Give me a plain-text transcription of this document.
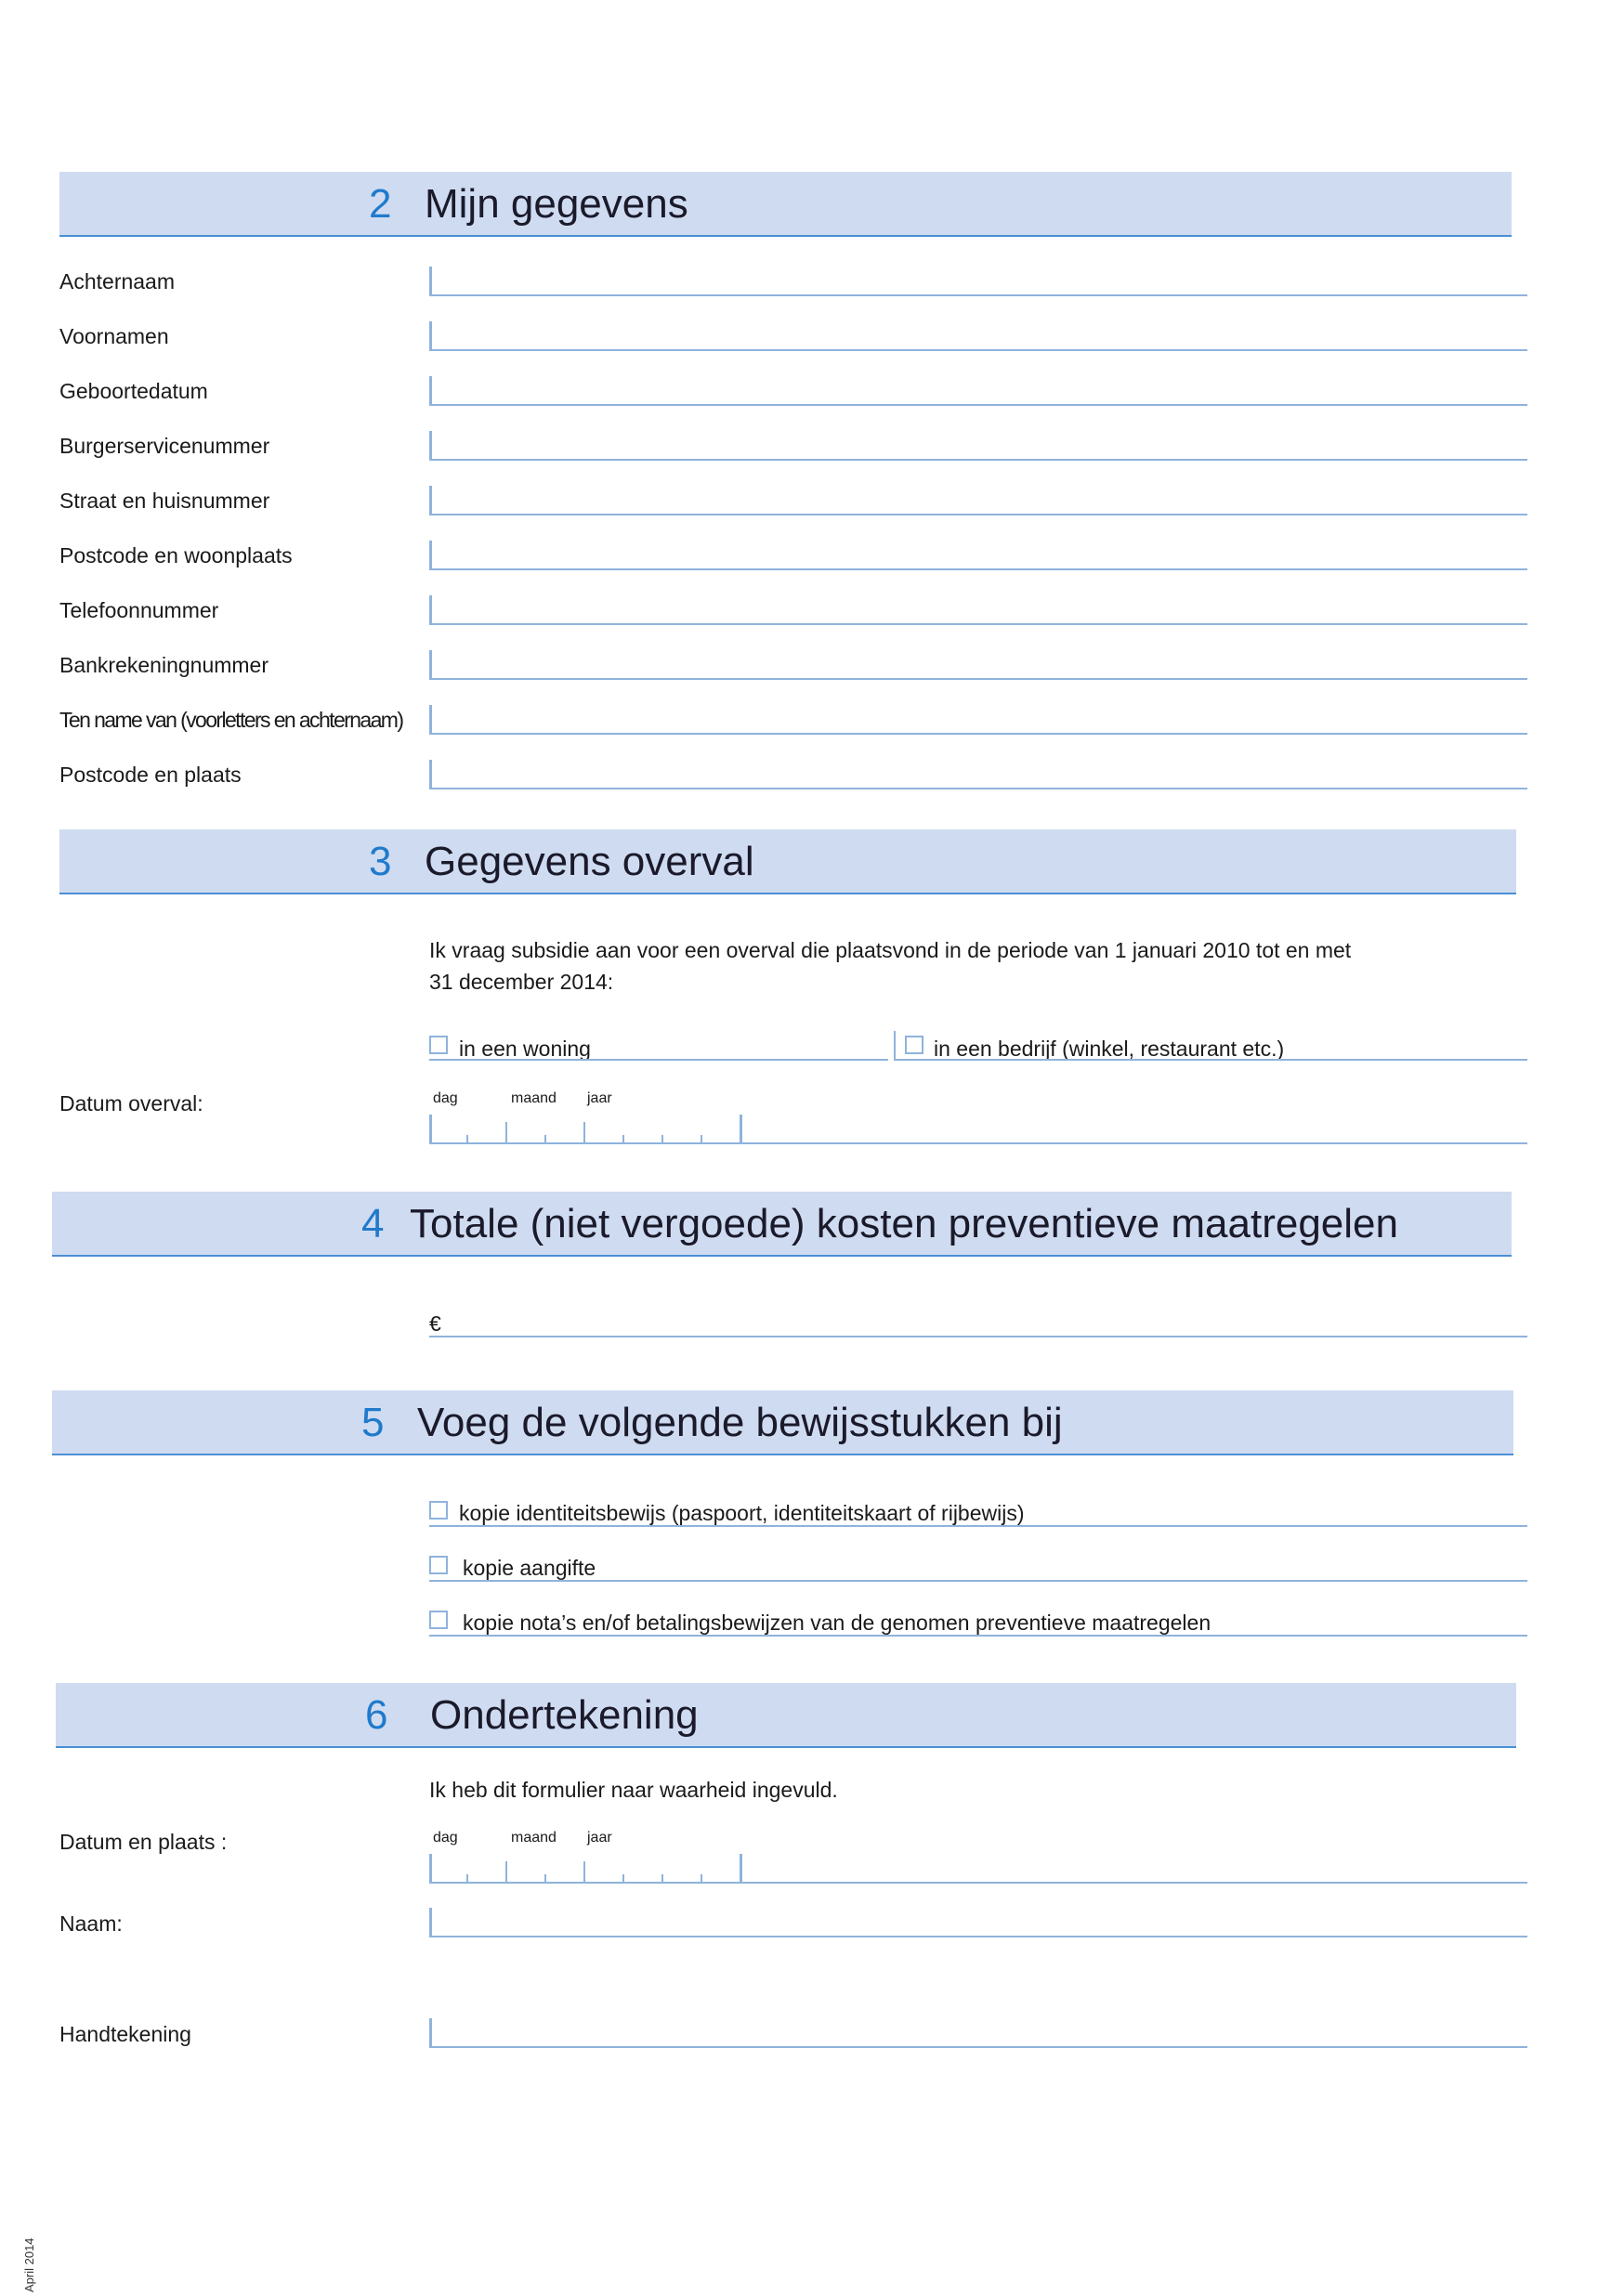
2 Mijn gegevens
Achternaam
Voornamen
Geboortedatum
Burgerservicenummer
Straat en huisnummer
Postcode en woonplaats
Telefoonnummer
Bankrekeningnummer
Ten name van (voorletters en achternaam)
Postcode en plaats
3 Gegevens overval
Ik vraag subsidie aan voor een overval die plaatsvond in de periode van 1 januari 2010 tot en met
31 december 2014:
in een woning	in een bedrijf (winkel, restaurant etc.)
Datum overval:	dag	maand jaar
4 Totale (niet vergoede) kosten preventieve maatregelen
€
5 Voeg de volgende bewijsstukken bij
kopie identiteitsbewijs (paspoort, identiteitskaart of rijbewijs)
kopie aangifte
kopie nota’s en/of betalingsbewijzen van de genomen preventieve maatregelen
6 Ondertekening
Ik heb dit formulier naar waarheid ingevuld.
Datum en plaats :	dag	maand jaar
Naam:
Handtekening
April 2014
